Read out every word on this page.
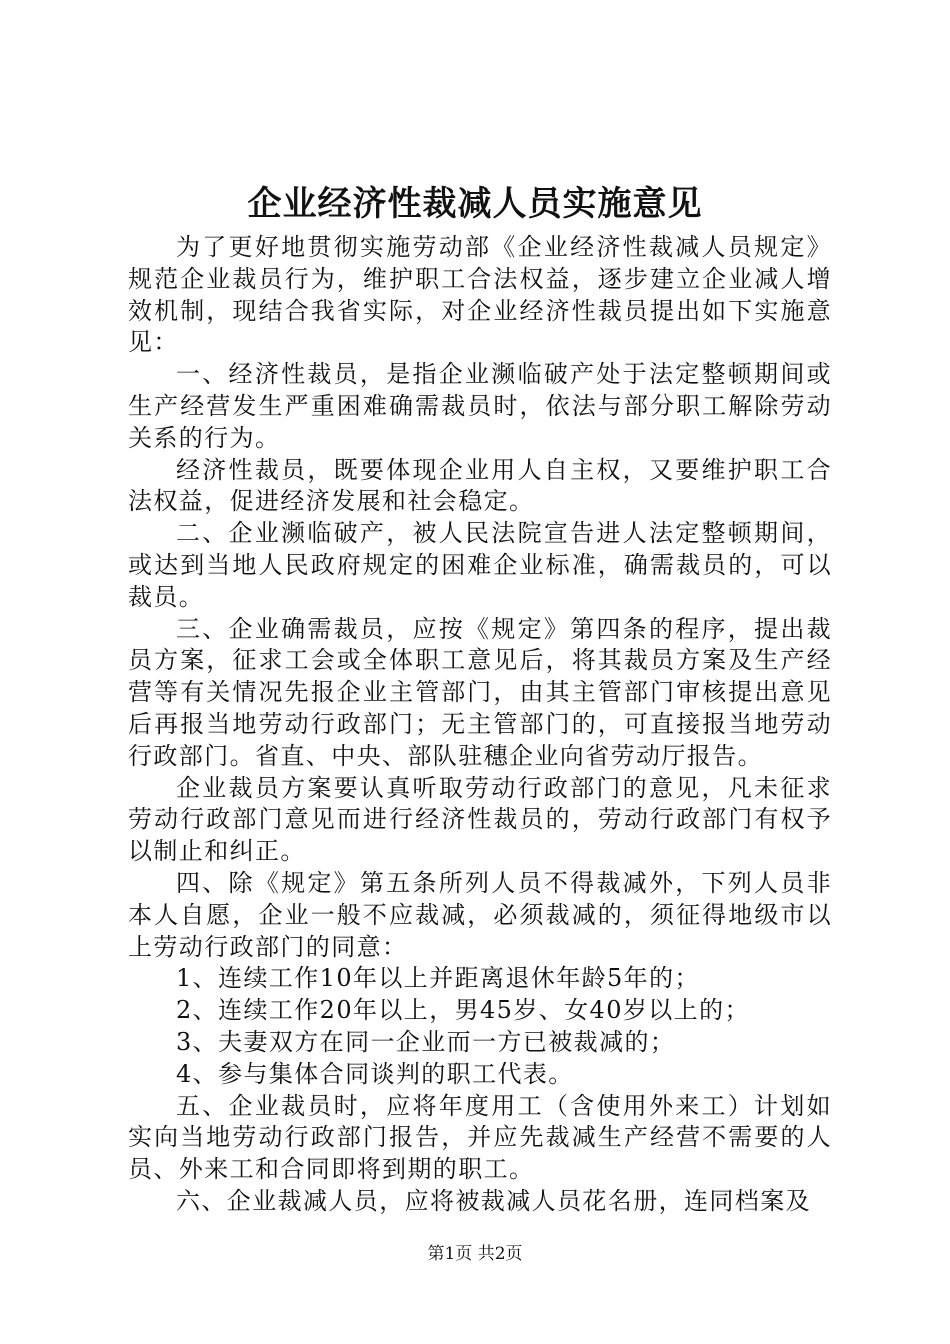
企业经济性裁减人员实施意见

为了更好地贯彻实施劳动部《企业经济性裁减人员规定》规范企业裁员行为，维护职工合法权益，逐步建立企业减人增效机制，现结合我省实际，对企业经济性裁员提出如下实施意见：

一、经济性裁员，是指企业濒临破产处于法定整顿期间或生产经营发生严重困难确需裁员时，依法与部分职工解除劳动关系的行为。

经济性裁员，既要体现企业用人自主权，又要维护职工合法权益，促进经济发展和社会稳定。

二、企业濒临破产，被人民法院宣告进人法定整顿期间，或达到当地人民政府规定的困难企业标准，确需裁员的，可以裁员。

三、企业确需裁员，应按《规定》第四条的程序，提出裁员方案，征求工会或全体职工意见后，将其裁员方案及生产经营等有关情况先报企业主管部门，由其主管部门审核提出意见后再报当地劳动行政部门；无主管部门的，可直接报当地劳动行政部门。省直、中央、部队驻穗企业向省劳动厅报告。

企业裁员方案要认真听取劳动行政部门的意见，凡未征求劳动行政部门意见而进行经济性裁员的，劳动行政部门有权予以制止和纠正。

四、除《规定》第五条所列人员不得裁减外，下列人员非本人自愿，企业一般不应裁减，必须裁减的，须征得地级市以上劳动行政部门的同意：

1、连续工作10年以上并距离退休年龄5年的；

2、连续工作20年以上，男45岁、女40岁以上的；

3、夫妻双方在同一企业而一方已被裁减的；

4、参与集体合同谈判的职工代表。

五、企业裁员时，应将年度用工（含使用外来工）计划如实向当地劳动行政部门报告，并应先裁减生产经营不需要的人员、外来工和合同即将到期的职工。

六、企业裁减人员，应将被裁减人员花名册，连同档案及

第1页 共2页
